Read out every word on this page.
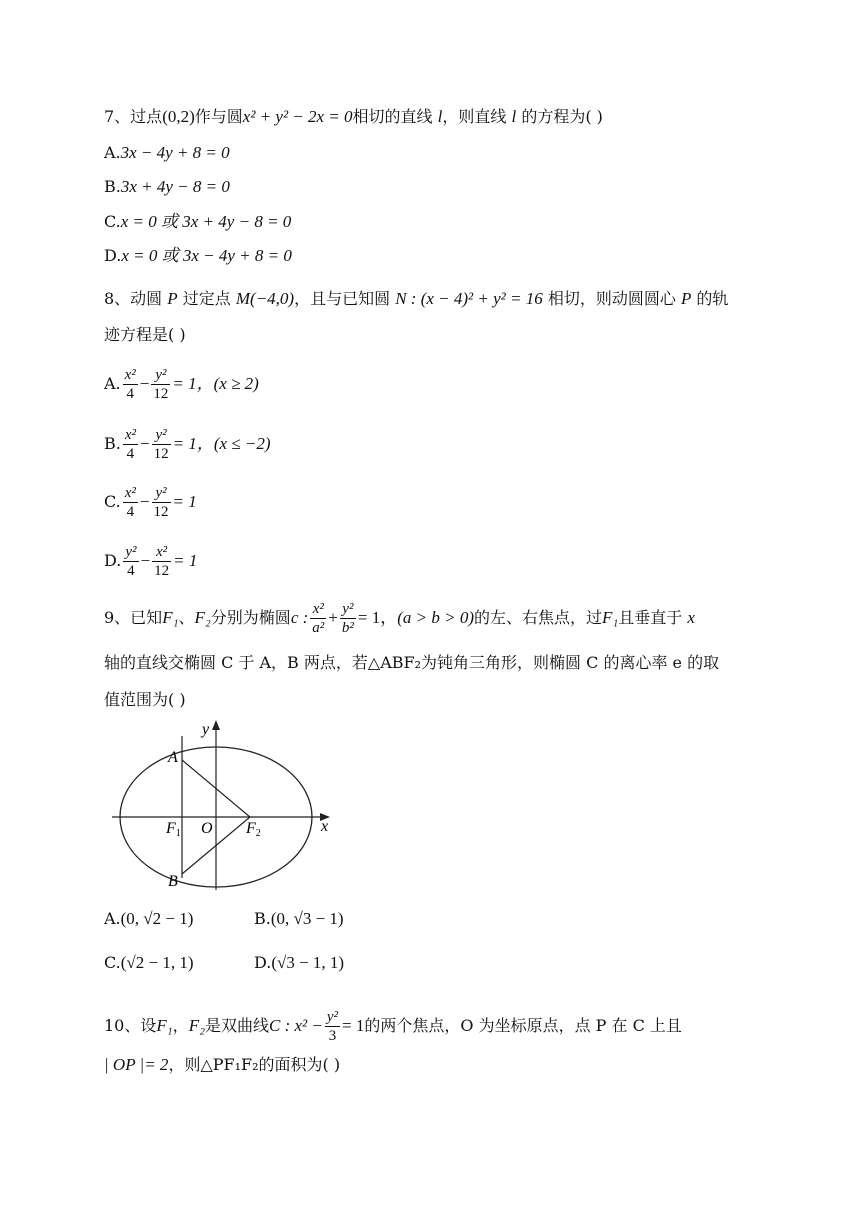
7、过点(0,2)作与圆x² + y² − 2x = 0相切的直线 l，则直线 l 的方程为( )
A.3x − 4y + 8 = 0
B.3x + 4y − 8 = 0
C.x = 0 或 3x + 4y − 8 = 0
D.x = 0 或 3x − 4y + 8 = 0
8、动圆 P 过定点 M(−4,0)，且与已知圆 N : (x − 4)² + y² = 16 相切，则动圆圆心 P 的轨
迹方程是( )
A. $\frac{\text{x²}}{4} - \frac{\text{y²}}{12} = 1$，(x ≥ 2)
B. $\frac{\text{x²}}{4} - \frac{\text{y²}}{12} = 1$，(x ≤ −2)
C. $\frac{\text{x²}}{4} - \frac{\text{y²}}{12} = 1$
D. $\frac{\text{y²}}{4} - \frac{\text{x²}}{12} = 1$
9、已知F₁、F₂分别为椭圆c : $\frac{\text{x²}}{\text{a²}} + \frac{\text{y²}}{\text{b²}} = 1$，(a > b > 0)的左、右焦点，过F₁且垂直于 x
轴的直线交椭圆 C 于 A，B 两点，若△ABF₂为钝角三角形，则椭圆 C 的离心率 e 的取
值范围为( )
y
x
A
B
O
F1	F2
A.(0, √2 − 1)	B.(0, √3 − 1)
C.(√2 − 1, 1)	D.(√3 − 1, 1)
10、设F₁，F₂是双曲线C : $x^2 - \frac{\text{y²}}{3} = 1$的两个焦点，O 为坐标原点，点 P 在 C 上且
| OP |= 2，则△PF₁F₂的面积为( )
